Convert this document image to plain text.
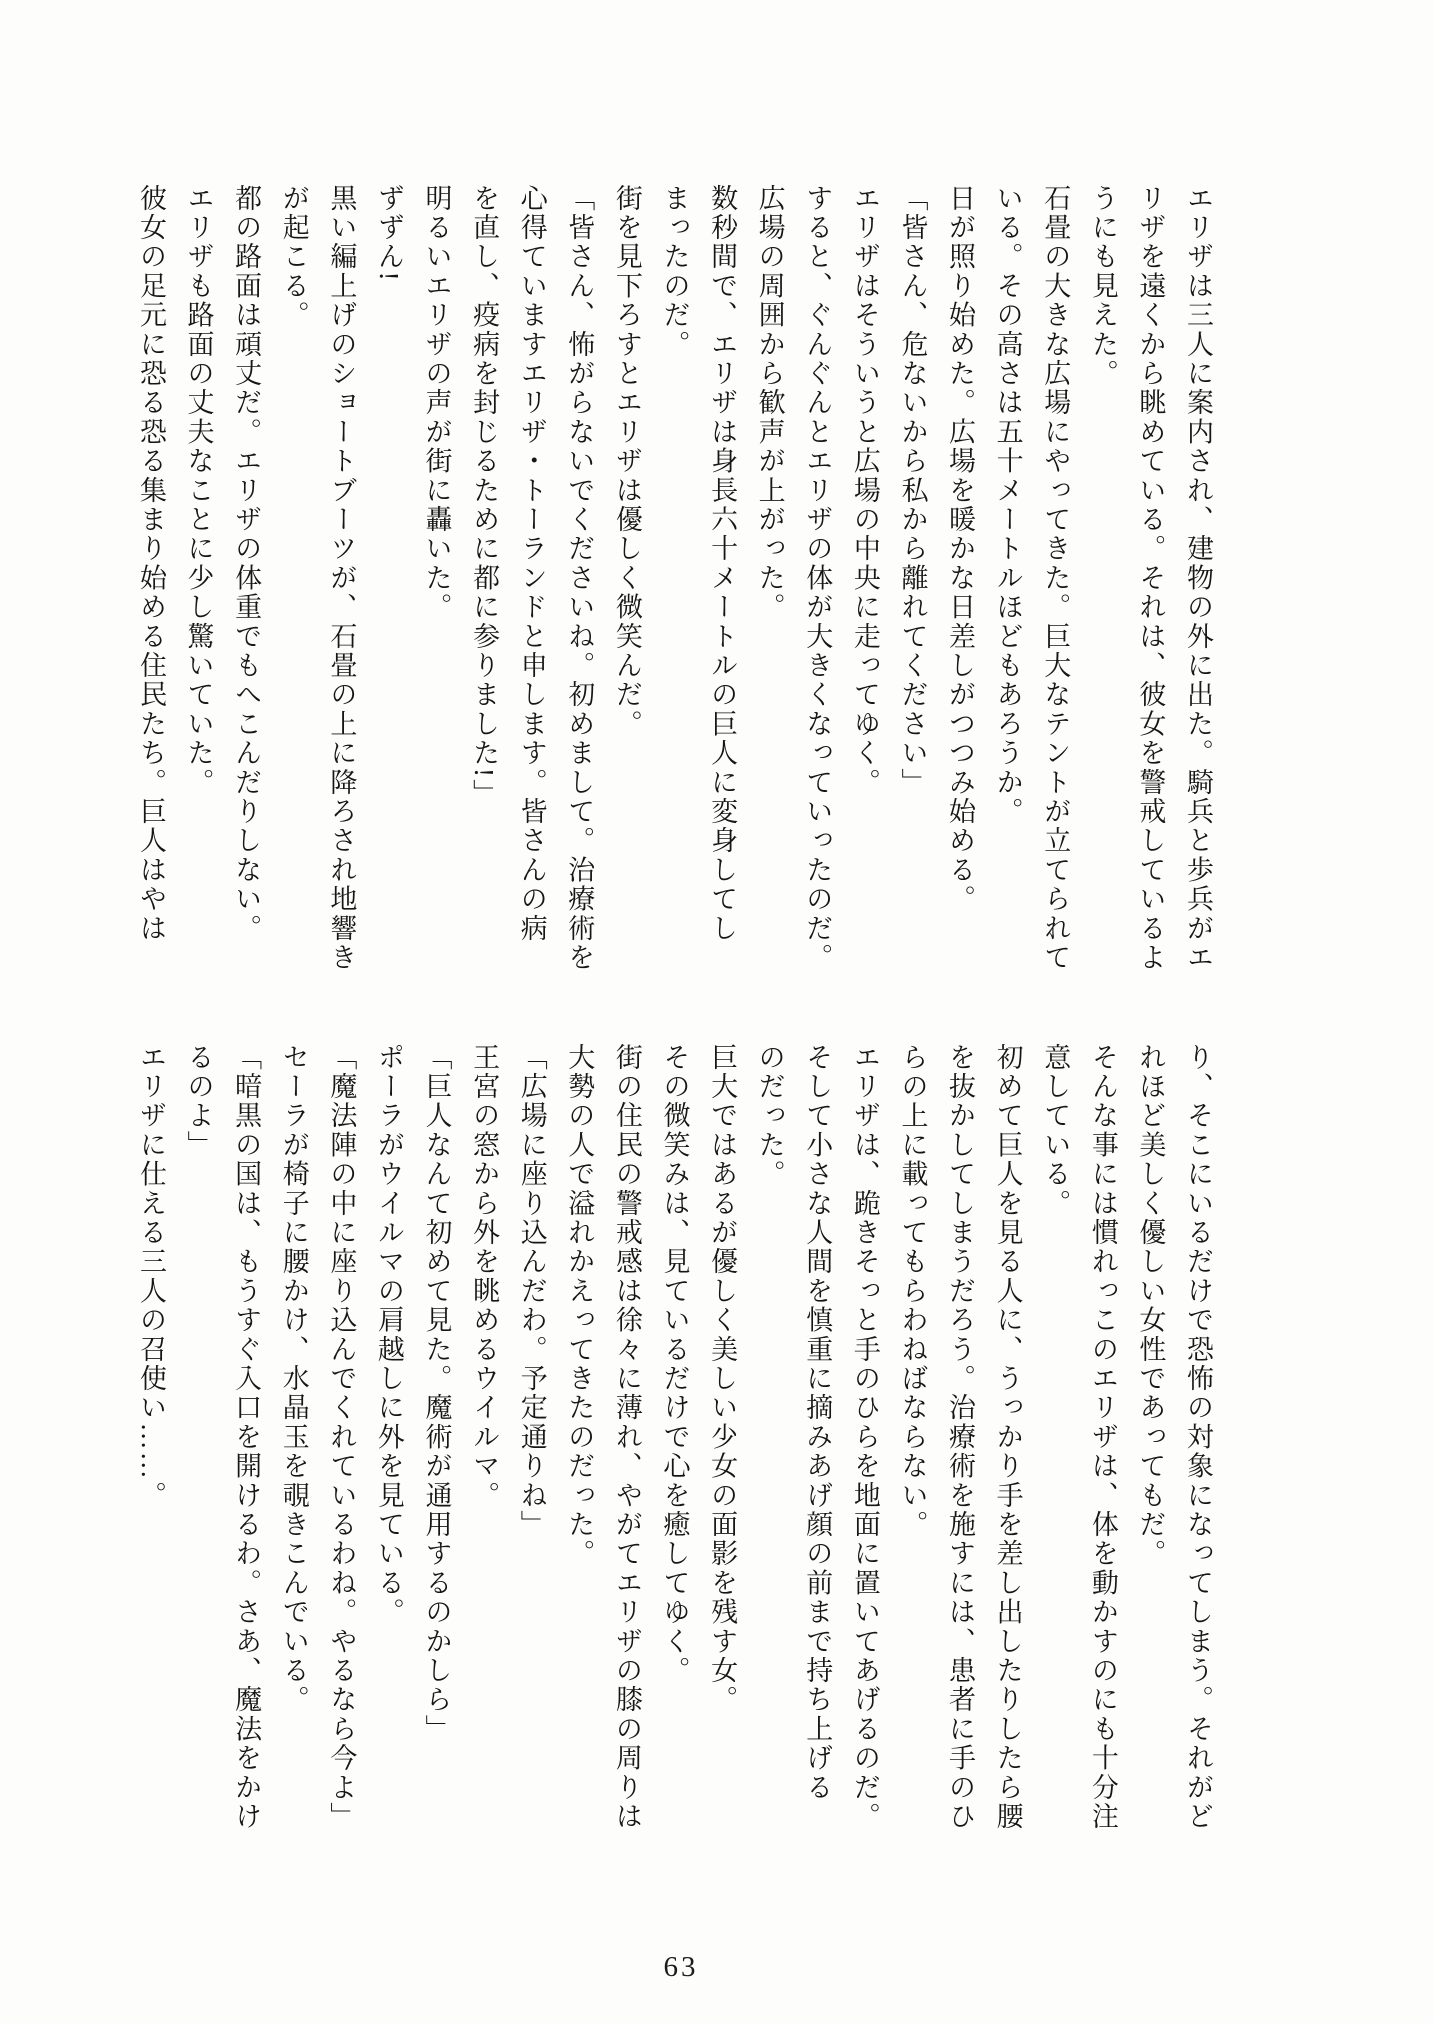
エリザは三人に案内され、建物の外に出た。騎兵と歩兵がエ
リザを遠くから眺めている。それは、彼女を警戒しているよ
うにも見えた。
石畳の大きな広場にやってきた。巨大なテントが立てられて
いる。その高さは五十メートルほどもあろうか。
日が照り始めた。広場を暖かな日差しがつつみ始める。
「皆さん、危ないから私から離れてください」
エリザはそういうと広場の中央に走ってゆく。
すると、ぐんぐんとエリザの体が大きくなっていったのだ。
広場の周囲から歓声が上がった。
数秒間で、エリザは身長六十メートルの巨人に変身してし
まったのだ。
街を見下ろすとエリザは優しく微笑んだ。
「皆さん、怖がらないでくださいね。初めまして。治療術を
心得ていますエリザ・トーランドと申します。皆さんの病
を直し、疫病を封じるために都に参りました!」
明るいエリザの声が街に轟いた。
ずずん!
黒い編上げのショートブーツが、石畳の上に降ろされ地響き
が起こる。
都の路面は頑丈だ。エリザの体重でもへこんだりしない。
エリザも路面の丈夫なことに少し驚いていた。
彼女の足元に恐る恐る集まり始める住民たち。巨人はやは
り、そこにいるだけで恐怖の対象になってしまう。それがど
れほど美しく優しい女性であってもだ。
そんな事には慣れっこのエリザは、体を動かすのにも十分注
意している。
初めて巨人を見る人に、うっかり手を差し出したりしたら腰
を抜かしてしまうだろう。治療術を施すには、患者に手のひ
らの上に載ってもらわねばならない。
エリザは、跪きそっと手のひらを地面に置いてあげるのだ。
そして小さな人間を慎重に摘みあげ顔の前まで持ち上げる
のだった。
巨大ではあるが優しく美しい少女の面影を残す女。
その微笑みは、見ているだけで心を癒してゆく。
街の住民の警戒感は徐々に薄れ、やがてエリザの膝の周りは
大勢の人で溢れかえってきたのだった。
「広場に座り込んだわ。予定通りね」
王宮の窓から外を眺めるウイルマ。
「巨人なんて初めて見た。魔術が通用するのかしら」
ポーラがウイルマの肩越しに外を見ている。
「魔法陣の中に座り込んでくれているわね。やるなら今よ」
セーラが椅子に腰かけ、水晶玉を覗きこんでいる。
「暗黒の国は、もうすぐ入口を開けるわ。さあ、魔法をかけ
るのよ」
エリザに仕える三人の召使い……。
63
